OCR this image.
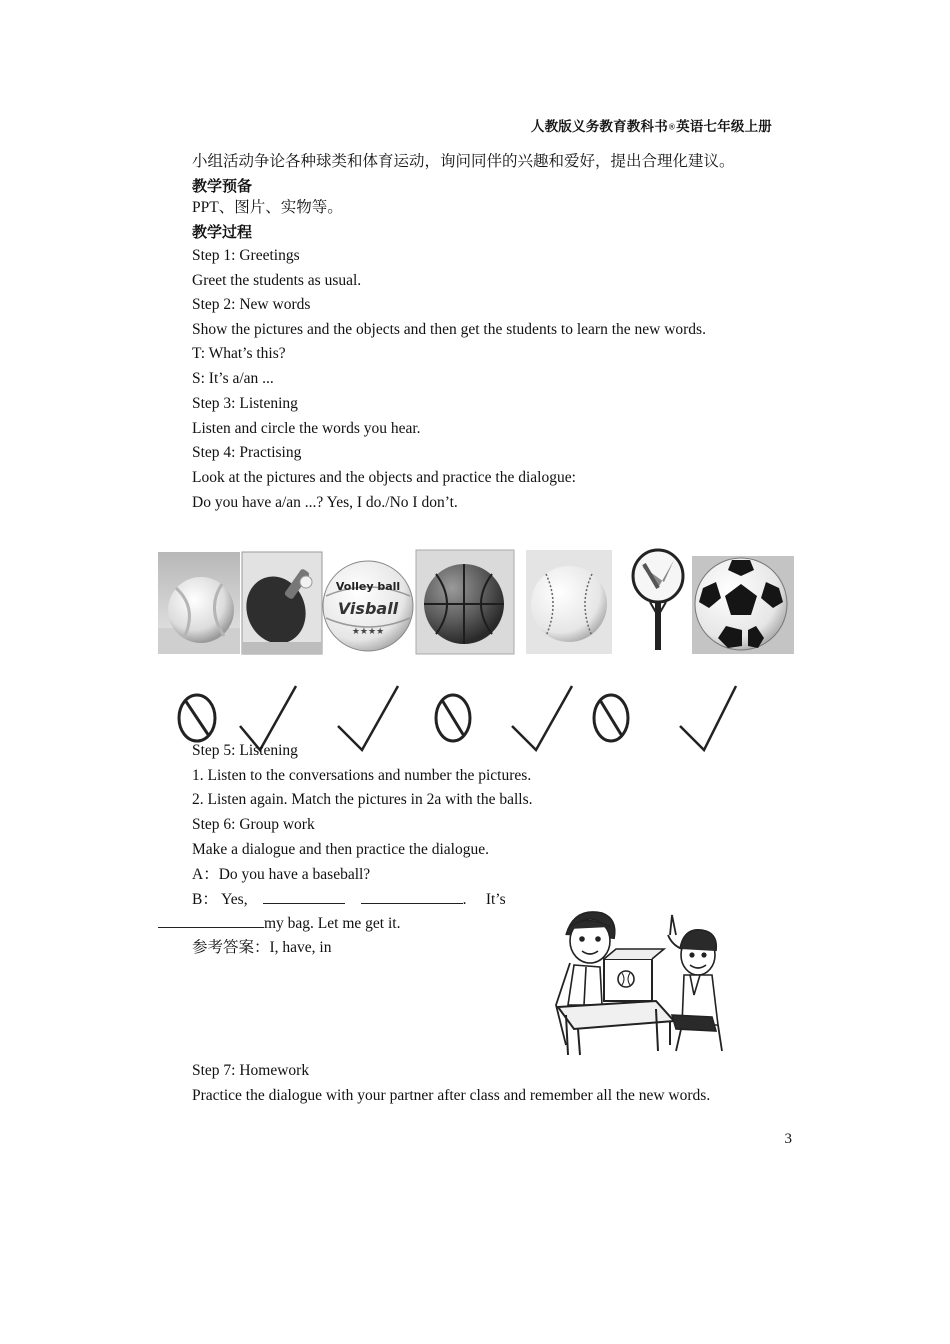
人教版义务教育教科书®英语七年级上册
小组活动争论各种球类和体育运动，询问同伴的兴趣和爱好，提出合理化建议。
教学预备
PPT、图片、实物等。
教学过程
Step 1: Greetings
Greet the students as usual.
Step 2: New words
Show the pictures and the objects and then get the students to learn the new words.
T: What’s this?
S: It’s a/an ...
Step 3: Listening
Listen and circle the words you hear.
Step 4: Practising
Look at the pictures and the objects and practice the dialogue:
Do you have a/an ...? Yes, I do./No I don’t.
Volley ball
Visball
★★★★
Step 5: Listening
1. Listen to the conversations and number the pictures.
2. Listen again. Match the pictures in 2a with the balls.
Step 6: Group work
Make a dialogue and then practice the dialogue.
A：Do you have a baseball?
B： Yes,	.     It’s
my bag. Let me get it.
参考答案：I, have, in
Step 7: Homework
Practice the dialogue with your partner after class and remember all the new words.
3
